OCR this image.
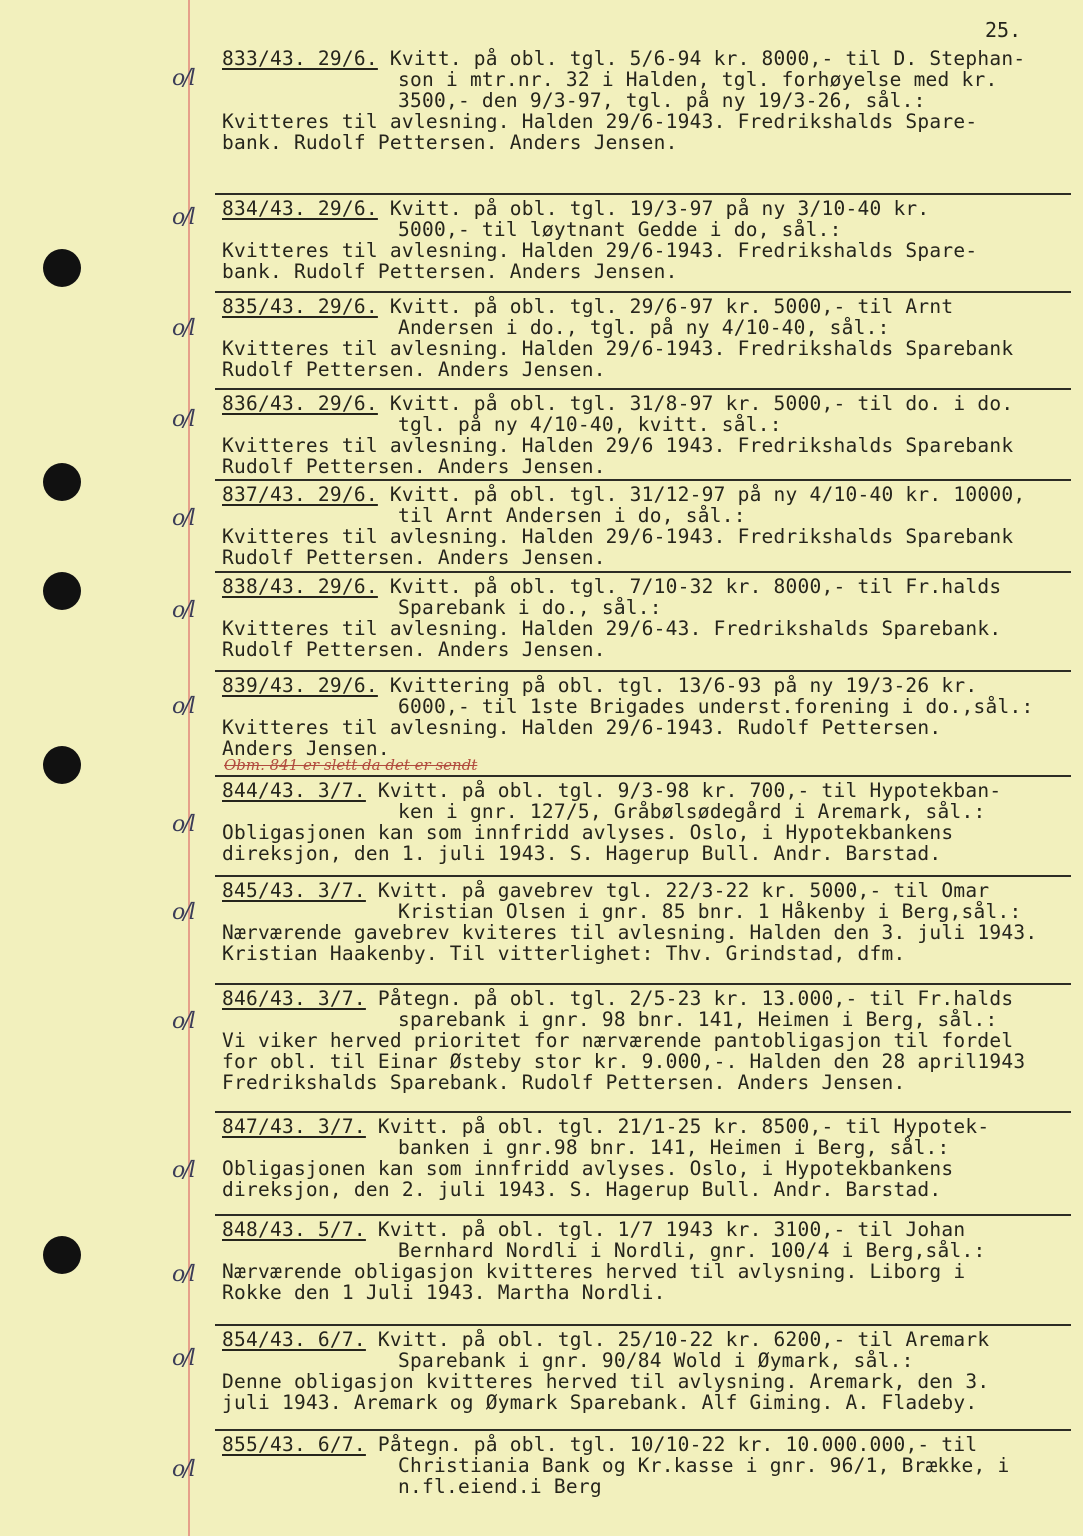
25.
Obm. 841 er slett da det er sendt
833/43. 29/6. Kvitt. på obl. tgl. 5/6-94 kr. 8000,- til D. Stephan-
son i mtr.nr. 32 i Halden, tgl. forhøyelse med kr.
3500,- den 9/3-97, tgl. på ny 19/3-26, sål.:
Kvitteres til avlesning. Halden 29/6-1943. Fredrikshalds Spare-
bank. Rudolf Pettersen. Anders Jensen.
o/l
834/43. 29/6. Kvitt. på obl. tgl. 19/3-97 på ny 3/10-40 kr.
5000,- til løytnant Gedde i do, sål.:
Kvitteres til avlesning. Halden 29/6-1943. Fredrikshalds Spare-
bank. Rudolf Pettersen. Anders Jensen.
o/l
835/43. 29/6. Kvitt. på obl. tgl. 29/6-97 kr. 5000,- til Arnt
Andersen i do., tgl. på ny 4/10-40, sål.:
Kvitteres til avlesning. Halden 29/6-1943. Fredrikshalds Sparebank
Rudolf Pettersen. Anders Jensen.
o/l
836/43. 29/6. Kvitt. på obl. tgl. 31/8-97 kr. 5000,- til do. i do.
tgl. på ny 4/10-40, kvitt. sål.:
Kvitteres til avlesning. Halden 29/6 1943. Fredrikshalds Sparebank
Rudolf Pettersen. Anders Jensen.
o/l
837/43. 29/6. Kvitt. på obl. tgl. 31/12-97 på ny 4/10-40 kr. 10000,
til Arnt Andersen i do, sål.:
Kvitteres til avlesning. Halden 29/6-1943. Fredrikshalds Sparebank
Rudolf Pettersen. Anders Jensen.
o/l
838/43. 29/6. Kvitt. på obl. tgl. 7/10-32 kr. 8000,- til Fr.halds
Sparebank i do., sål.:
Kvitteres til avlesning. Halden 29/6-43. Fredrikshalds Sparebank.
Rudolf Pettersen. Anders Jensen.
o/l
839/43. 29/6. Kvittering på obl. tgl. 13/6-93 på ny 19/3-26 kr.
6000,- til 1ste Brigades underst.forening i do.,sål.:
Kvitteres til avlesning. Halden 29/6-1943. Rudolf Pettersen.
Anders Jensen.
o/l
844/43. 3/7. Kvitt. på obl. tgl. 9/3-98 kr. 700,- til Hypotekban-
ken i gnr. 127/5, Gråbølsødegård i Aremark, sål.:
Obligasjonen kan som innfridd avlyses. Oslo, i Hypotekbankens
direksjon, den 1. juli 1943. S. Hagerup Bull. Andr. Barstad.
o/l
845/43. 3/7. Kvitt. på gavebrev tgl. 22/3-22 kr. 5000,- til Omar
Kristian Olsen i gnr. 85 bnr. 1 Håkenby i Berg,sål.:
Nærværende gavebrev kviteres til avlesning. Halden den 3. juli 1943.
Kristian Haakenby. Til vitterlighet: Thv. Grindstad, dfm.
o/l
846/43. 3/7. Påtegn. på obl. tgl. 2/5-23 kr. 13.000,- til Fr.halds
sparebank i gnr. 98 bnr. 141, Heimen i Berg, sål.:
Vi viker herved prioritet for nærværende pantobligasjon til fordel
for obl. til Einar Østeby stor kr. 9.000,-. Halden den 28 april1943
Fredrikshalds Sparebank. Rudolf Pettersen. Anders Jensen.
o/l
847/43. 3/7. Kvitt. på obl. tgl. 21/1-25 kr. 8500,- til Hypotek-
banken i gnr.98 bnr. 141, Heimen i Berg, sål.:
Obligasjonen kan som innfridd avlyses. Oslo, i Hypotekbankens
direksjon, den 2. juli 1943. S. Hagerup Bull. Andr. Barstad.
o/l
848/43. 5/7. Kvitt. på obl. tgl. 1/7 1943 kr. 3100,- til Johan
Bernhard Nordli i Nordli, gnr. 100/4 i Berg,sål.:
Nærværende obligasjon kvitteres herved til avlysning. Liborg i
Rokke den 1 Juli 1943. Martha Nordli.
o/l
854/43. 6/7. Kvitt. på obl. tgl. 25/10-22 kr. 6200,- til Aremark
Sparebank i gnr. 90/84 Wold i Øymark, sål.:
Denne obligasjon kvitteres herved til avlysning. Aremark, den 3.
juli 1943. Aremark og Øymark Sparebank. Alf Giming. A. Fladeby.
o/l
855/43. 6/7. Påtegn. på obl. tgl. 10/10-22 kr. 10.000.000,- til
Christiania Bank og Kr.kasse i gnr. 96/1, Brække, i
n.fl.eiend.i Berg
o/l
